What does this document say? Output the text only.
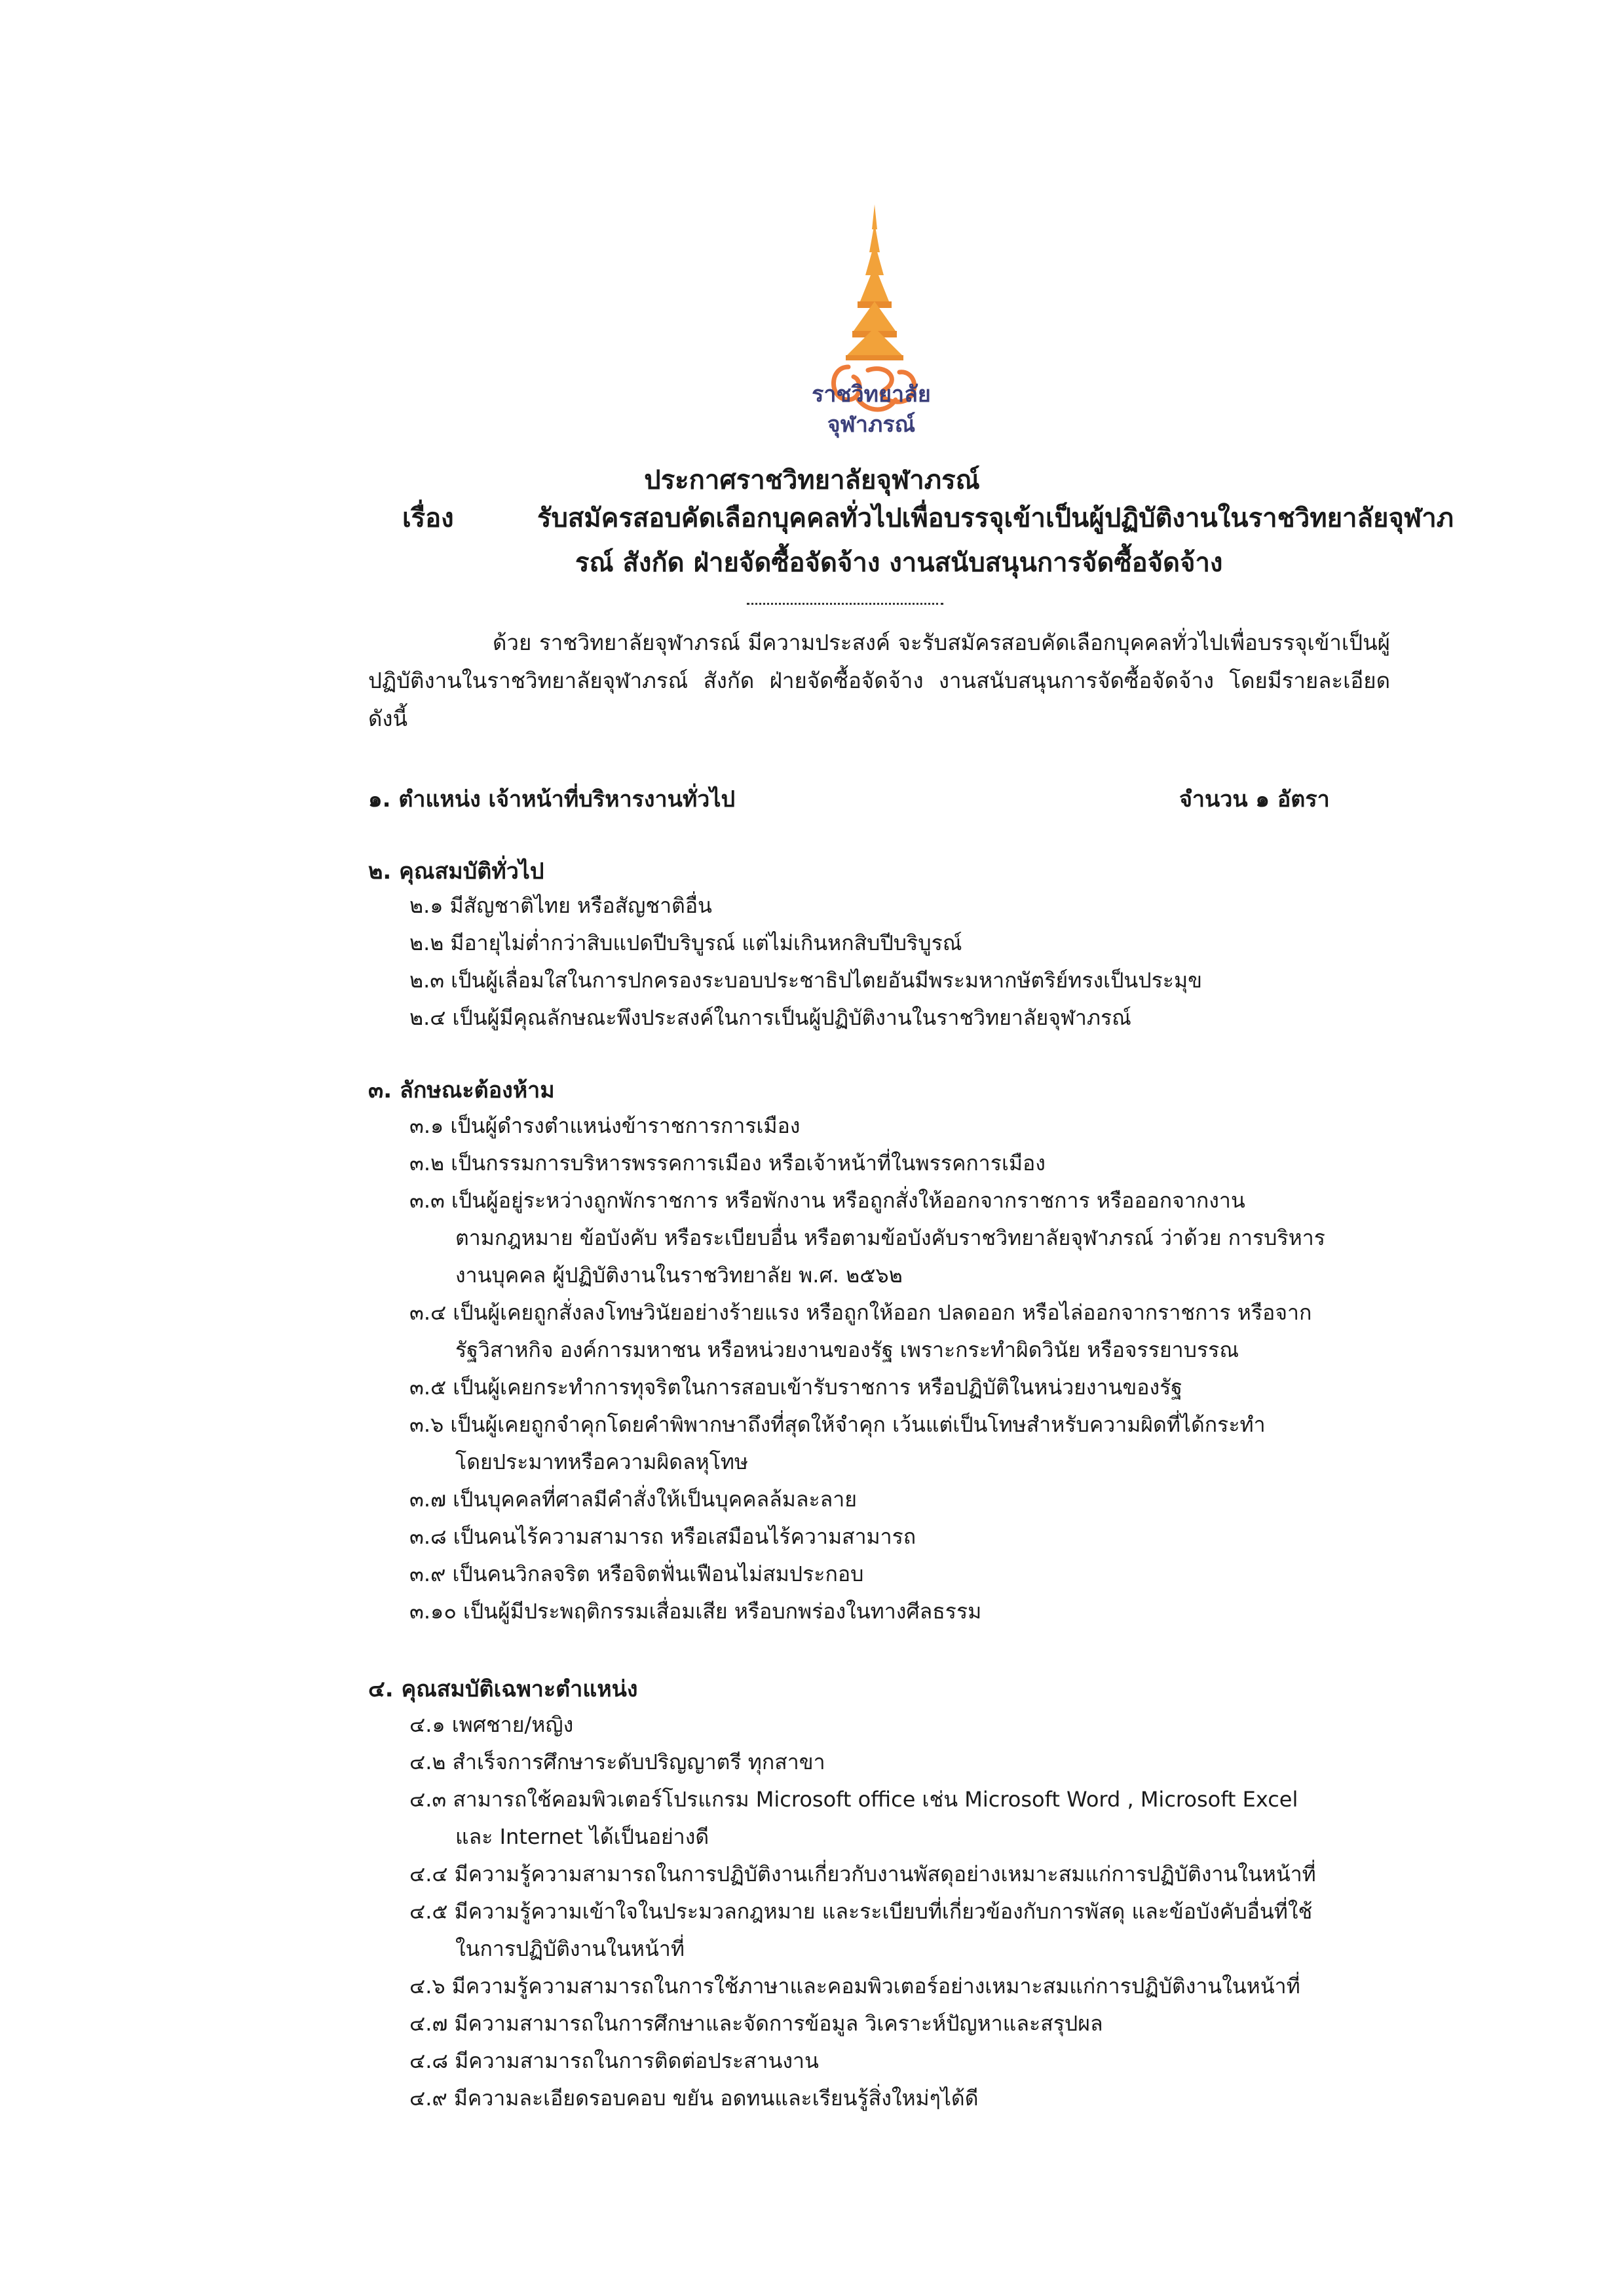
ราชวิทยาลัย
จุฬาภรณ์
ประกาศราชวิทยาลัยจุฬาภรณ์
เรื่อง	รับสมัครสอบคัดเลือกบุคคลทั่วไปเพื่อบรรจุเข้าเป็นผู้ปฏิบัติงานในราชวิทยาลัยจุฬาภ
รณ์ สังกัด ฝ่ายจัดซื้อจัดจ้าง งานสนับสนุนการจัดซื้อจัดจ้าง
ด้วย ราชวิทยาลัยจุฬาภรณ์ มีความประสงค์ จะรับสมัครสอบคัดเลือกบุคคลทั่วไปเพื่อบรรจุเข้าเป็นผู้ปฏิบัติงานในราชวิทยาลัยจุฬาภรณ์ สังกัด ฝ่ายจัดซื้อจัดจ้าง งานสนับสนุนการจัดซื้อจัดจ้าง โดยมีรายละเอียดดังนี้
๑. ตำแหน่ง เจ้าหน้าที่บริหารงานทั่วไป	จำนวน ๑ อัตรา
๒. คุณสมบัติทั่วไป
๒.๑ มีสัญชาติไทย หรือสัญชาติอื่น
๒.๒ มีอายุไม่ต่ำกว่าสิบแปดปีบริบูรณ์ แต่ไม่เกินหกสิบปีบริบูรณ์
๒.๓ เป็นผู้เลื่อมใสในการปกครองระบอบประชาธิปไตยอันมีพระมหากษัตริย์ทรงเป็นประมุข
๒.๔ เป็นผู้มีคุณลักษณะพึงประสงค์ในการเป็นผู้ปฏิบัติงานในราชวิทยาลัยจุฬาภรณ์
๓. ลักษณะต้องห้าม
๓.๑ เป็นผู้ดำรงตำแหน่งข้าราชการการเมือง
๓.๒ เป็นกรรมการบริหารพรรคการเมือง หรือเจ้าหน้าที่ในพรรคการเมือง
๓.๓ เป็นผู้อยู่ระหว่างถูกพักราชการ หรือพักงาน หรือถูกสั่งให้ออกจากราชการ หรือออกจากงาน
ตามกฎหมาย ข้อบังคับ หรือระเบียบอื่น หรือตามข้อบังคับราชวิทยาลัยจุฬาภรณ์ ว่าด้วย การบริหาร
งานบุคคล ผู้ปฏิบัติงานในราชวิทยาลัย พ.ศ. ๒๕๖๒
๓.๔ เป็นผู้เคยถูกสั่งลงโทษวินัยอย่างร้ายแรง หรือถูกให้ออก ปลดออก หรือไล่ออกจากราชการ หรือจาก
รัฐวิสาหกิจ องค์การมหาชน หรือหน่วยงานของรัฐ เพราะกระทำผิดวินัย หรือจรรยาบรรณ
๓.๕ เป็นผู้เคยกระทำการทุจริตในการสอบเข้ารับราชการ หรือปฏิบัติในหน่วยงานของรัฐ
๓.๖ เป็นผู้เคยถูกจำคุกโดยคำพิพากษาถึงที่สุดให้จำคุก เว้นแต่เป็นโทษสำหรับความผิดที่ได้กระทำ
โดยประมาทหรือความผิดลหุโทษ
๓.๗ เป็นบุคคลที่ศาลมีคำสั่งให้เป็นบุคคลล้มละลาย
๓.๘ เป็นคนไร้ความสามารถ หรือเสมือนไร้ความสามารถ
๓.๙ เป็นคนวิกลจริต หรือจิตฟั่นเฟือนไม่สมประกอบ
๓.๑๐ เป็นผู้มีประพฤติกรรมเสื่อมเสีย หรือบกพร่องในทางศีลธรรม
๔. คุณสมบัติเฉพาะตำแหน่ง
๔.๑ เพศชาย/หญิง
๔.๒ สำเร็จการศึกษาระดับปริญญาตรี ทุกสาขา
๔.๓ สามารถใช้คอมพิวเตอร์โปรแกรม Microsoft office เช่น Microsoft Word , Microsoft Excel
และ Internet ได้เป็นอย่างดี
๔.๔ มีความรู้ความสามารถในการปฏิบัติงานเกี่ยวกับงานพัสดุอย่างเหมาะสมแก่การปฏิบัติงานในหน้าที่
๔.๕ มีความรู้ความเข้าใจในประมวลกฎหมาย และระเบียบที่เกี่ยวข้องกับการพัสดุ และข้อบังคับอื่นที่ใช้
ในการปฏิบัติงานในหน้าที่
๔.๖ มีความรู้ความสามารถในการใช้ภาษาและคอมพิวเตอร์อย่างเหมาะสมแก่การปฏิบัติงานในหน้าที่
๔.๗ มีความสามารถในการศึกษาและจัดการข้อมูล วิเคราะห์ปัญหาและสรุปผล
๔.๘ มีความสามารถในการติดต่อประสานงาน
๔.๙ มีความละเอียดรอบคอบ ขยัน อดทนและเรียนรู้สิ่งใหม่ๆได้ดี
